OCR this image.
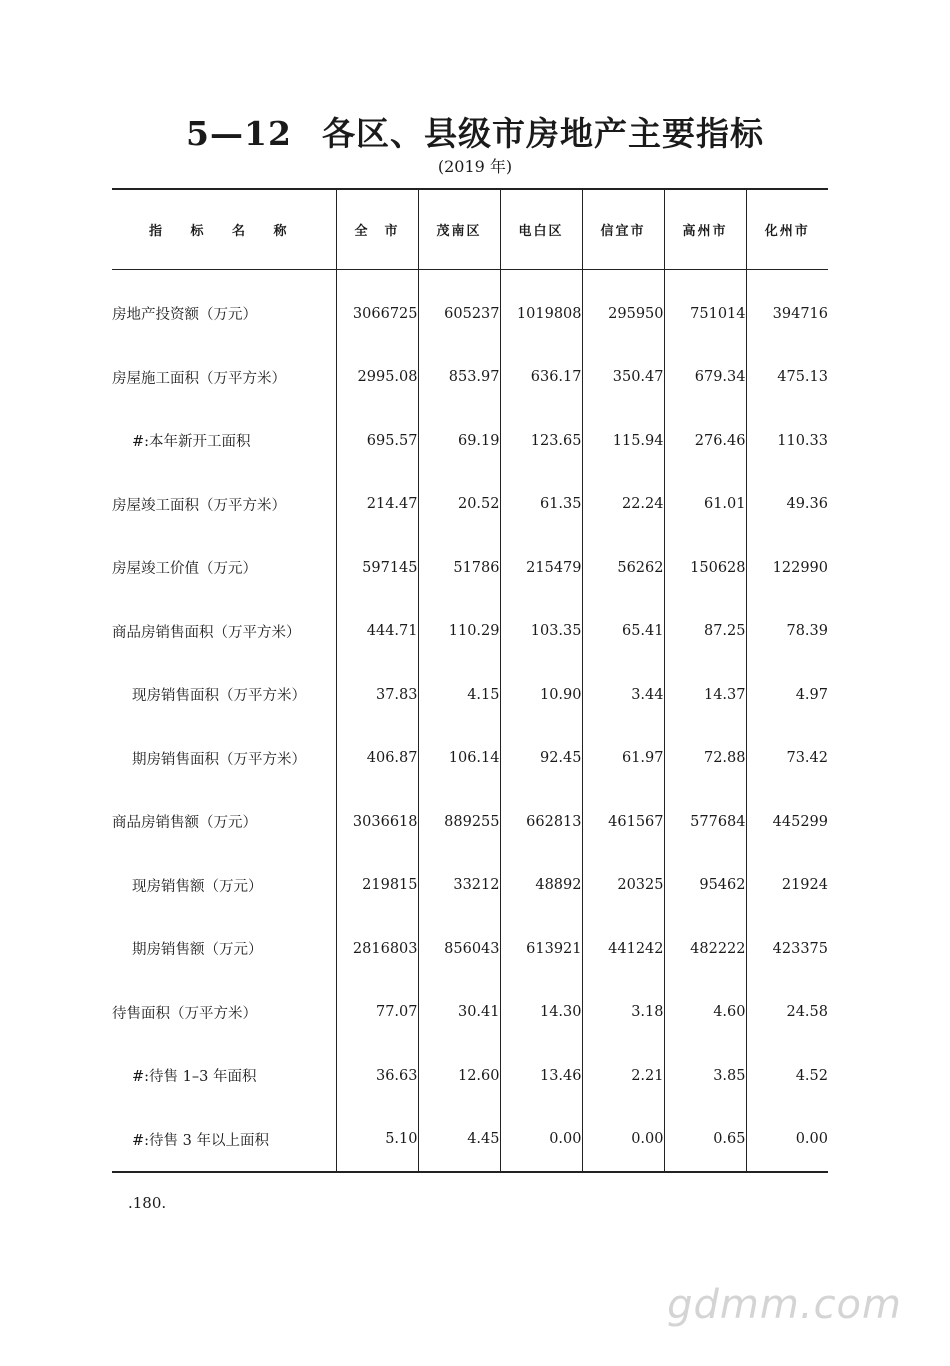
5—12 各区、县级市房地产主要指标
(2019 年)
指 标 名 称	全　市	茂南区	电白区	信宜市	高州市	化州市
房地产投资额（万元）	3066725	605237	1019808	295950	751014	394716
房屋施工面积（万平方米）	2995.08	853.97	636.17	350.47	679.34	475.13
#:本年新开工面积	695.57	69.19	123.65	115.94	276.46	110.33
房屋竣工面积（万平方米）	214.47	20.52	61.35	22.24	61.01	49.36
房屋竣工价值（万元）	597145	51786	215479	56262	150628	122990
商品房销售面积（万平方米）	444.71	110.29	103.35	65.41	87.25	78.39
现房销售面积（万平方米）	37.83	4.15	10.90	3.44	14.37	4.97
期房销售面积（万平方米）	406.87	106.14	92.45	61.97	72.88	73.42
商品房销售额（万元）	3036618	889255	662813	461567	577684	445299
现房销售额（万元）	219815	33212	48892	20325	95462	21924
期房销售额（万元）	2816803	856043	613921	441242	482222	423375
待售面积（万平方米）	77.07	30.41	14.30	3.18	4.60	24.58
#:待售 1–3 年面积	36.63	12.60	13.46	2.21	3.85	4.52
#:待售 3 年以上面积	5.10	4.45	0.00	0.00	0.65	0.00
.180.
gdmm.com
